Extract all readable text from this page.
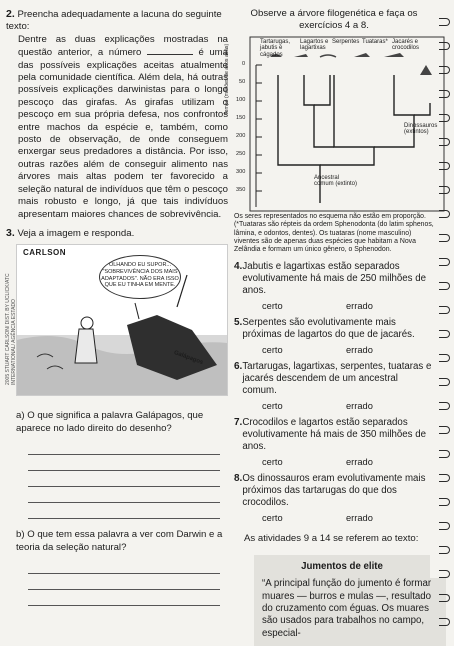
2. Preencha adequadamente a lacuna do seguinte texto:

Dentre as duas explicações mostradas na questão anterior, a número	é uma das possíveis explicações aceitas atualmente pela comunidade científica. Além dela, há outras possíveis explicações darwinistas para o longo pescoço das girafas. As girafas utilizam o pescoço em sua própria defesa, nos confrontos entre machos da espécie e, também, como posto de observação, de onde conseguem enxergar seus predadores a distância. Por isso, outras razões além de conseguir alimento nas árvores mais altas podem ter favorecido a seleção natural de indivíduos que têm o pescoço mais robusto e longo, já que tais indivíduos apresentam maiores chances de sobrevivência.

3. Veja a imagem e responda.

CARLSON
2005 STUART CARLSON/ DIST. BY UCLICK/ATC INTERNATIONAL/ AGÊNCIA ESTADO
OLHANDO EU SUPOR... "SOBREVIVÊNCIA DOS MAIS ADAPTADOS". NÃO ERA ISSO QUE EU TINHA EM MENTE.
Galápagos

a) O que significa a palavra Galápagos, que aparece no lado direito do desenho?

b) O que tem essa palavra a ver com Darwin e a teoria da seleção natural?

Observe a árvore filogenética e faça os exercícios 4 a 8.

Tartarugas, jabutis e cágados
Lagartos e lagartixas
Serpentes Tuataras* Jacarés e crocodilos
Dinossauros (extintos)
Ancestral comum (extinto)
Tempo (milhões de anos atrás) 0
50
100
150
200
250
300
350

Os seres representados no esquema não estão em proporção.

(*Tuataras são répteis da ordem Sphenodonta (do latim sphenos, lâmina, e odontos, dentes). Os tuataras (nome masculino) viventes são de apenas duas espécies que habitam a Nova Zelândia e formam um único gênero, o Sphenodon.

4. Jabutis e lagartixas estão separados evolutivamente há mais de 250 milhões de anos.
certo	errado
5. Serpentes são evolutivamente mais próximas de lagartos do que de jacarés.
certo	errado
6. Tartarugas, lagartixas, serpentes, tuataras e jacarés descendem de um ancestral comum.
certo	errado
7. Crocodilos e lagartos estão separados evolutivamente há mais de 350 milhões de anos.
certo	errado
8. Os dinossauros eram evolutivamente mais próximos das tartarugas do que dos crocodilos.
certo	errado

As atividades 9 a 14 se referem ao texto:

Jumentos de elite
“A principal função do jumento é formar muares — burros e mulas —, resultado do cruzamento com éguas. Os muares são usados para trabalhos no campo, especial-
